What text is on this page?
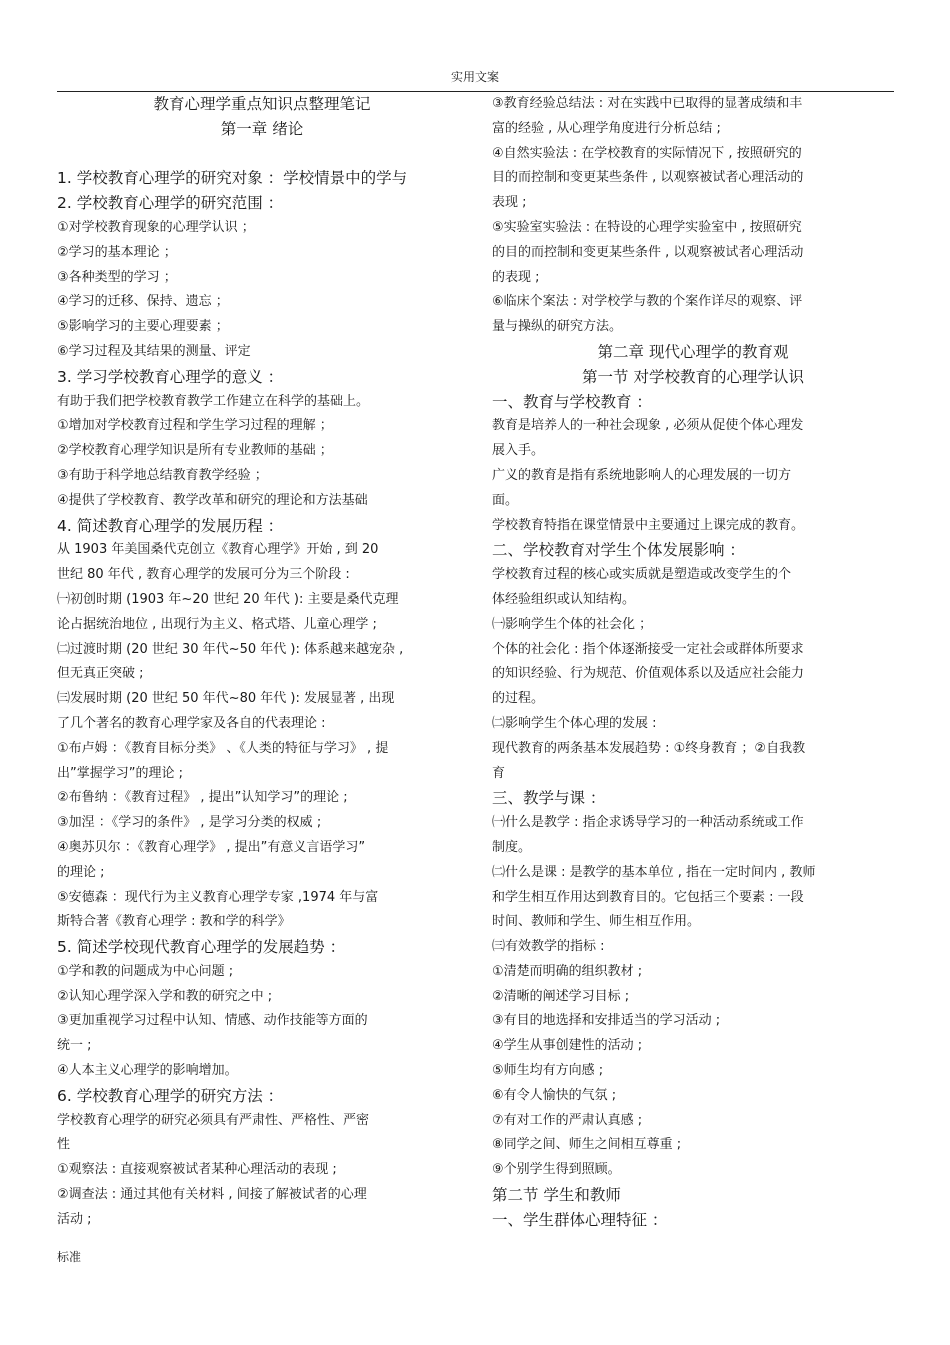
实用文案
教育心理学重点知识点整理笔记
第一章 绪论
1. 学校教育心理学的研究对象 ：学校情景中的学与
2. 学校教育心理学的研究范围 ：
①对学校教育现象的心理学认识 ；
②学习的基本理论 ；
③各种类型的学习 ；
④学习的迁移、保持、遗忘 ；
⑤影响学习的主要心理要素 ；
⑥学习过程及其结果的测量、评定
3. 学习学校教育心理学的意义 ：
有助于我们把学校教育教学工作建立在科学的基础上。
①增加对学校教育过程和学生学习过程的理解 ；
②学校教育心理学知识是所有专业教师的基础 ；
③有助于科学地总结教育教学经验 ；
④提供了学校教育、教学改革和研究的理论和方法基础
4. 简述教育心理学的发展历程 ：
从 1903 年美国桑代克创立《教育心理学》开始 , 到 20
世纪 80 年代 , 教育心理学的发展可分为三个阶段 :
㈠初创时期 (1903 年~20 世纪 20 年代 ): 主要是桑代克理
论占据统治地位 , 出现行为主义、格式塔、儿童心理学 ;
㈡过渡时期 (20 世纪 30 年代~50 年代 ): 体系越来越宠杂 ,
但无真正突破 ;
㈢发展时期 (20 世纪 50 年代~80 年代 ): 发展显著 , 出现
了几个著名的教育心理学家及各自的代表理论 :
①布卢姆 ：《教育目标分类》 、《人类的特征与学习》 , 提
出”掌握学习”的理论 ;
②布鲁纳 ：《教育过程》 , 提出”认知学习”的理论 ;
③加涅 ：《学习的条件》 , 是学习分类的权威 ;
④奥苏贝尔 ：《教育心理学》 , 提出”有意义言语学习”
的理论 ;
⑤安德森 ：现代行为主义教育心理学专家 ,1974 年与富
斯特合著《教育心理学 : 教和学的科学》
5. 简述学校现代教育心理学的发展趋势 ：
①学和教的问题成为中心问题 ;
②认知心理学深入学和教的研究之中 ;
③更加重视学习过程中认知、情感、动作技能等方面的
统一 ;
④人本主义心理学的影响增加。
6. 学校教育心理学的研究方法 ：
学校教育心理学的研究必须具有严肃性、严格性、严密
性
①观察法 : 直接观察被试者某种心理活动的表现 ;
②调查法 : 通过其他有关材料 , 间接了解被试者的心理
活动 ;
③教育经验总结法 : 对在实践中已取得的显著成绩和丰
富的经验 , 从心理学角度进行分析总结 ;
④自然实验法 : 在学校教育的实际情况下 , 按照研究的
目的而控制和变更某些条件 , 以观察被试者心理活动的
表现 ;
⑤实验室实验法 : 在特设的心理学实验室中 , 按照研究
的目的而控制和变更某些条件 , 以观察被试者心理活动
的表现 ;
⑥临床个案法 : 对学校学与教的个案作详尽的观察、评
量与操纵的研究方法。
第二章 现代心理学的教育观
第一节 对学校教育的心理学认识
一、教育与学校教育 ：
教育是培养人的一种社会现象 , 必须从促使个体心理发
展入手。
广义的教育是指有系统地影响人的心理发展的一切方
面。
学校教育特指在课堂情景中主要通过上课完成的教育。
二、学校教育对学生个体发展影响 ：
学校教育过程的核心或实质就是塑造或改变学生的个
体经验组织或认知结构。
㈠影响学生个体的社会化 ；
个体的社会化 : 指个体逐渐接受一定社会或群体所要求
的知识经验、行为规范、价值观体系以及适应社会能力
的过程。
㈡影响学生个体心理的发展 :
现代教育的两条基本发展趋势 : ①终身教育 ；②自我教
育
三、教学与课 ：
㈠什么是教学 : 指企求诱导学习的一种活动系统或工作
制度。
㈡什么是课 : 是教学的基本单位 , 指在一定时间内 , 教师
和学生相互作用达到教育目的。它包括三个要素 : 一段
时间、教师和学生、师生相互作用。
㈢有效教学的指标 :
①清楚而明确的组织教材 ;
②清晰的阐述学习目标 ;
③有目的地选择和安排适当的学习活动 ;
④学生从事创建性的活动 ;
⑤师生均有方向感 ;
⑥有令人愉快的气氛 ;
⑦有对工作的严肃认真感 ;
⑧同学之间、师生之间相互尊重 ;
⑨个别学生得到照顾。
第二节 学生和教师
一、学生群体心理特征 ：
标准
